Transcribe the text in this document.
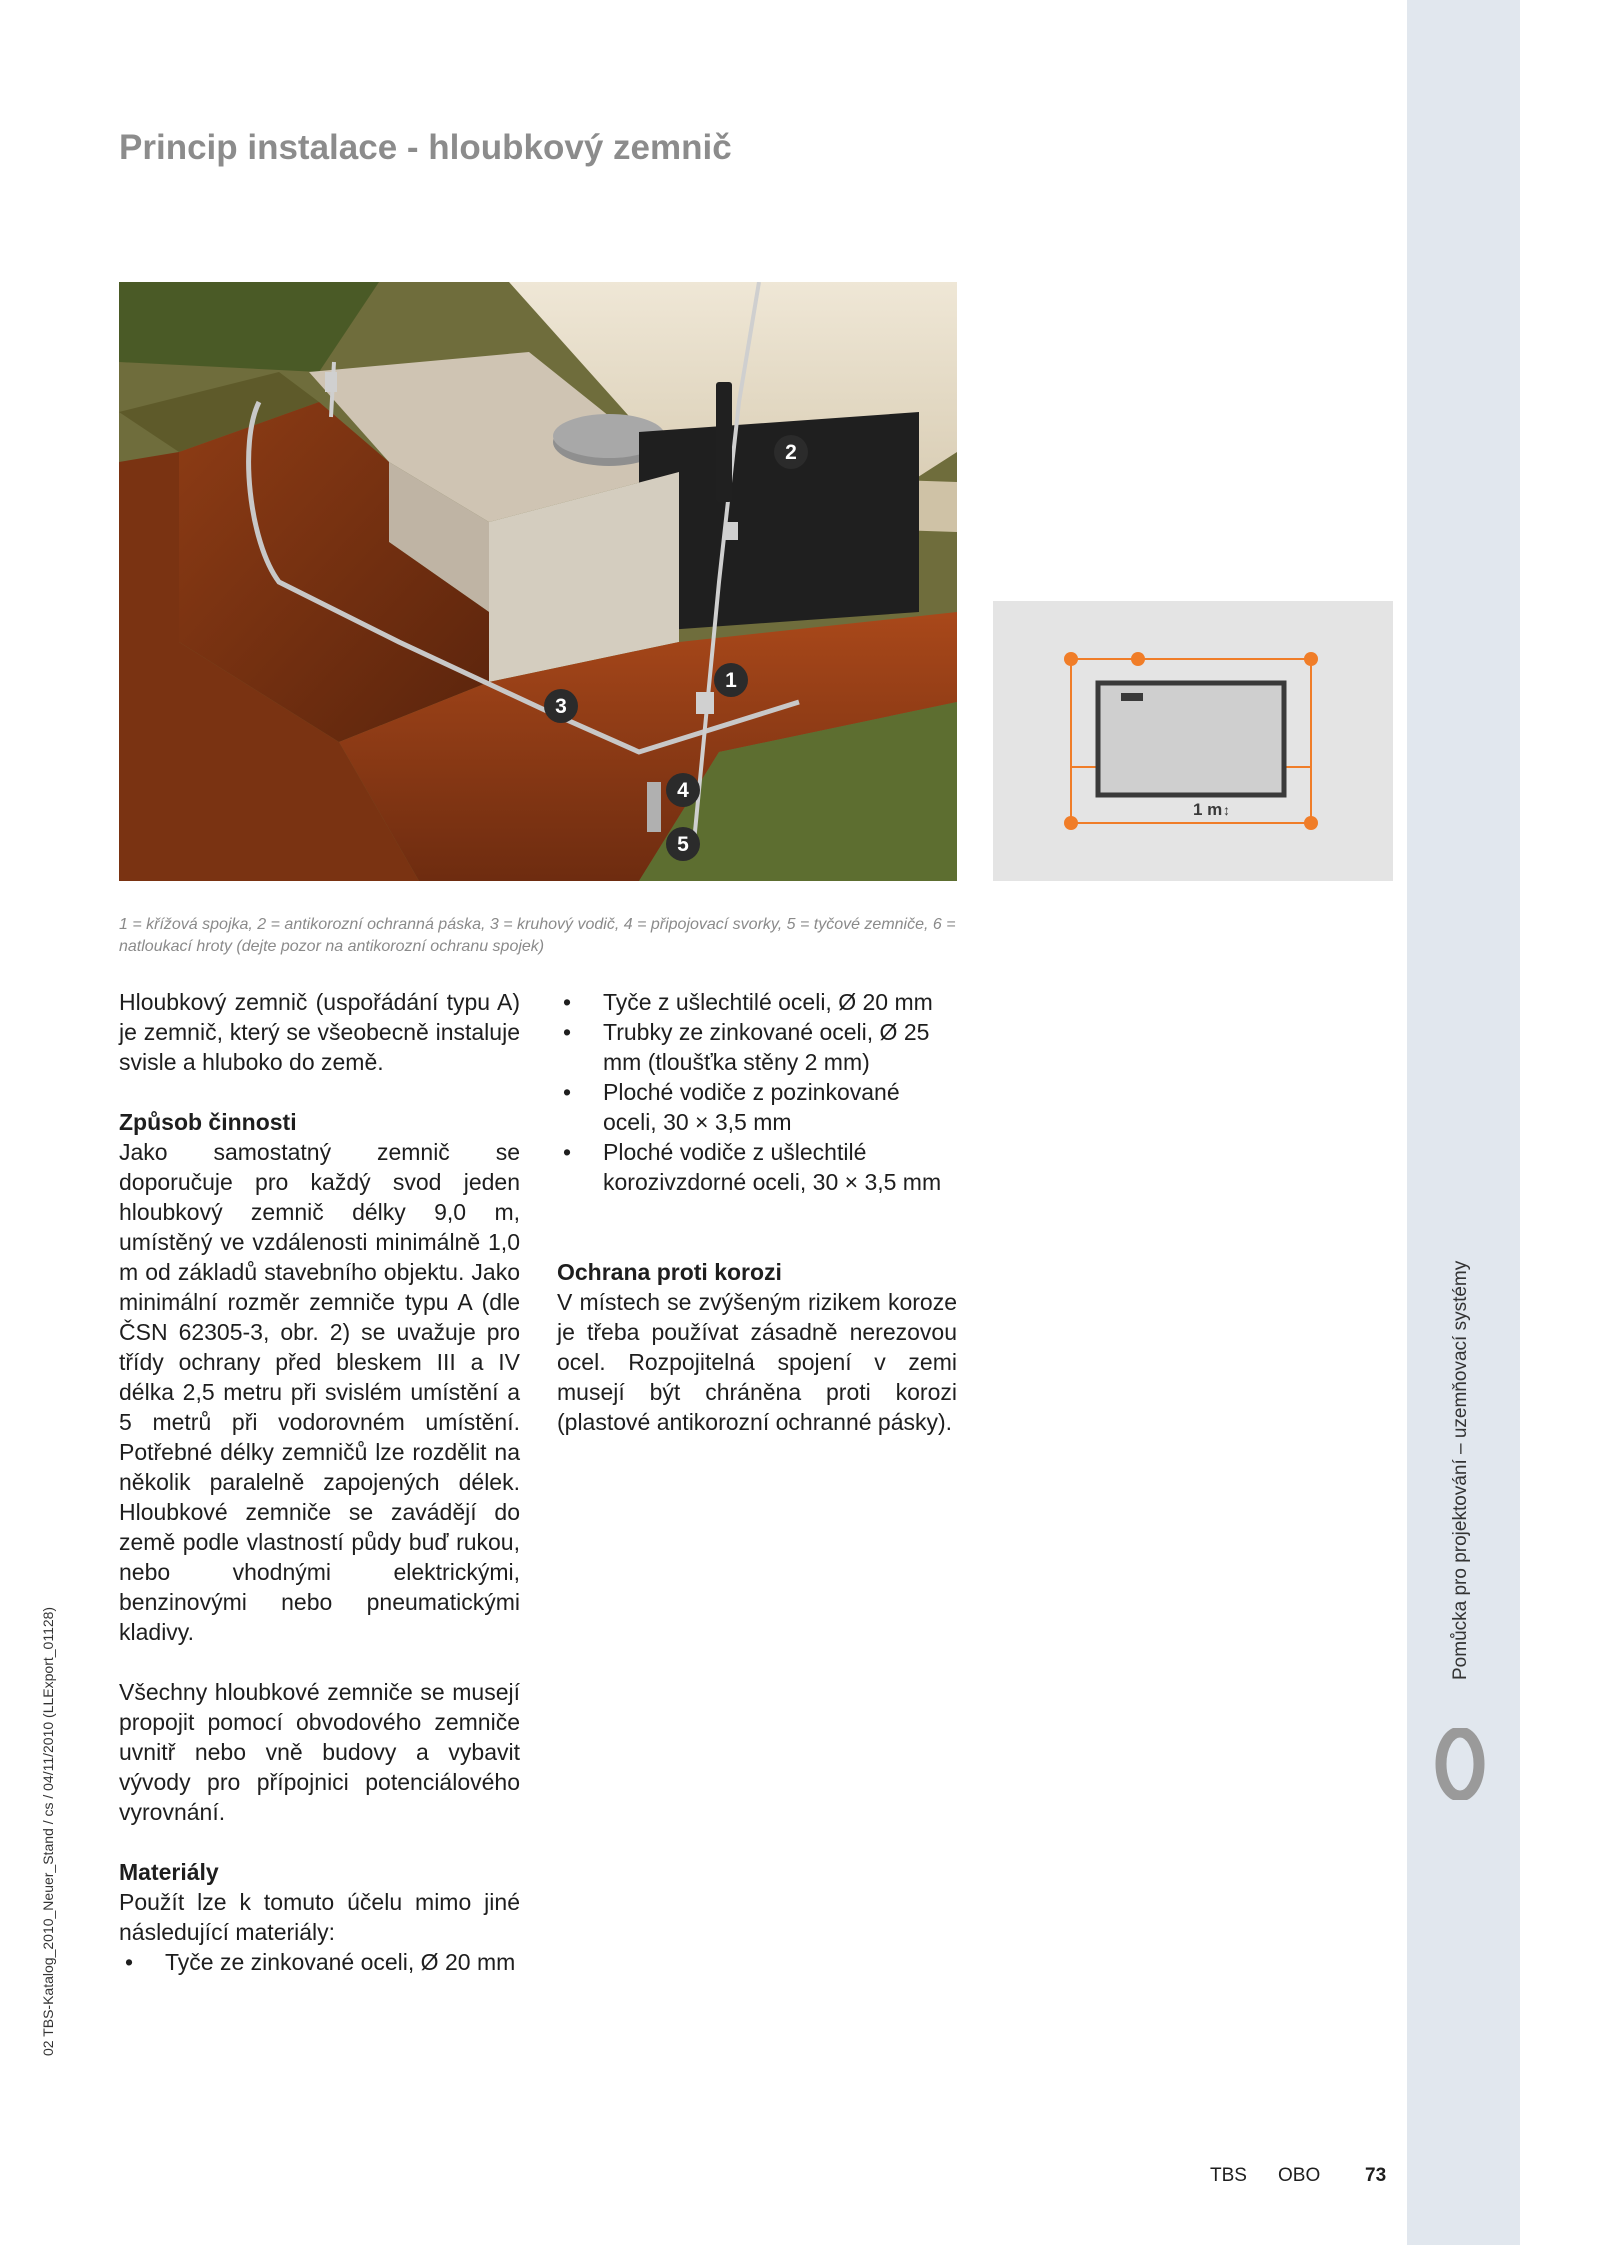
Princip instalace - hloubkový zemnič
2
1
3
4
5
1 m ↕
1 = křížová spojka, 2 = antikorozní ochranná páska, 3 = kruhový vodič, 4 = připojovací svorky, 5 = tyčové zemniče, 6 = natloukací hroty (dejte pozor na antikorozní ochranu spojek)

Hloubkový zemnič (uspořádání typu A) je zemnič, který se všeobecně instaluje svisle a hluboko do země.

Způsob činnosti

Jako samostatný zemnič se doporučuje pro každý svod jeden hloubkový zemnič délky 9,0 m, umístěný ve vzdálenosti minimálně 1,0 m od základů stavebního objektu. Jako minimální rozměr zemniče typu A (dle ČSN 62305-3, obr. 2) se uvažuje pro třídy ochrany před bleskem III a IV délka 2,5 metru při svislém umístění a 5 metrů při vodorovném umístění. Potřebné délky zemničů lze rozdělit na několik paralelně zapojených délek. Hloubkové zemniče se zavádějí do země podle vlastností půdy buď rukou, nebo vhodnými elektrickými, benzinovými nebo pneumatickými kladivy.

Všechny hloubkové zemniče se musejí propojit pomocí obvodového zemniče uvnitř nebo vně budovy a vybavit vývody pro přípojnici potenciálového vyrovnání.

Materiály

Použít lze k tomuto účelu mimo jiné následující materiály:

• Tyče ze zinkované oceli, Ø 20 mm
• Tyče z ušlechtilé oceli, Ø 20 mm
• Trubky ze zinkované oceli, Ø 25 mm (tloušťka stěny 2 mm)
• Ploché vodiče z pozinkované oceli, 30 × 3,5 mm
• Ploché vodiče z ušlechtilé korozivzdorné oceli, 30 × 3,5 mm
Ochrana proti korozi

V místech se zvýšeným rizikem koroze je třeba používat zásadně nerezovou ocel. Rozpojitelná spojení v zemi musejí být chráněna proti korozi (plastové antikorozní ochranné pásky).	Pomůcka pro projektování – uzemňovací systémy
02 TBS-Katalog_2010_Neuer_Stand / cs / 04/11/2010 (LLExport_01128)
TBS OBO 73
